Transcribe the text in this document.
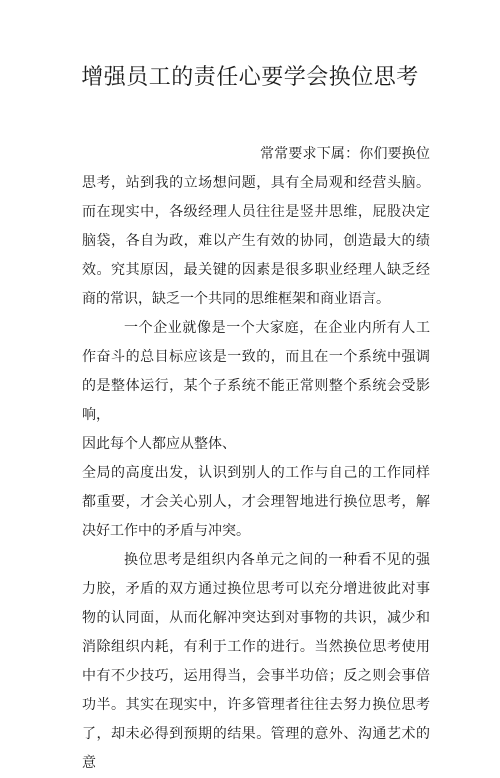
增强员工的责任心要学会换位思考

常常要求下属：你们要换位思考，站到我的立场想问题，具有全局观和经营头脑。而在现实中，各级经理人员往往是竖井思维，屁股决定脑袋，各自为政，难以产生有效的协同，创造最大的绩效。究其原因，最关键的因素是很多职业经理人缺乏经商的常识，缺乏一个共同的思维框架和商业语言。

一个企业就像是一个大家庭，在企业内所有人工作奋斗的总目标应该是一致的，而且在一个系统中强调的是整体运行，某个子系统不能正常则整个系统会受影响，

因此每个人都应从整体、

全局的高度出发，认识到别人的工作与自己的工作同样都重要，才会关心别人，才会理智地进行换位思考，解决好工作中的矛盾与冲突。

换位思考是组织内各单元之间的一种看不见的强力胶，矛盾的双方通过换位思考可以充分增进彼此对事物的认同面，从而化解冲突达到对事物的共识，减少和消除组织内耗，有利于工作的进行。当然换位思考使用中有不少技巧，运用得当，会事半功倍；反之则会事倍功半。其实在现实中，许多管理者往往去努力换位思考了，却未必得到预期的结果。管理的意外、沟通艺术的意
